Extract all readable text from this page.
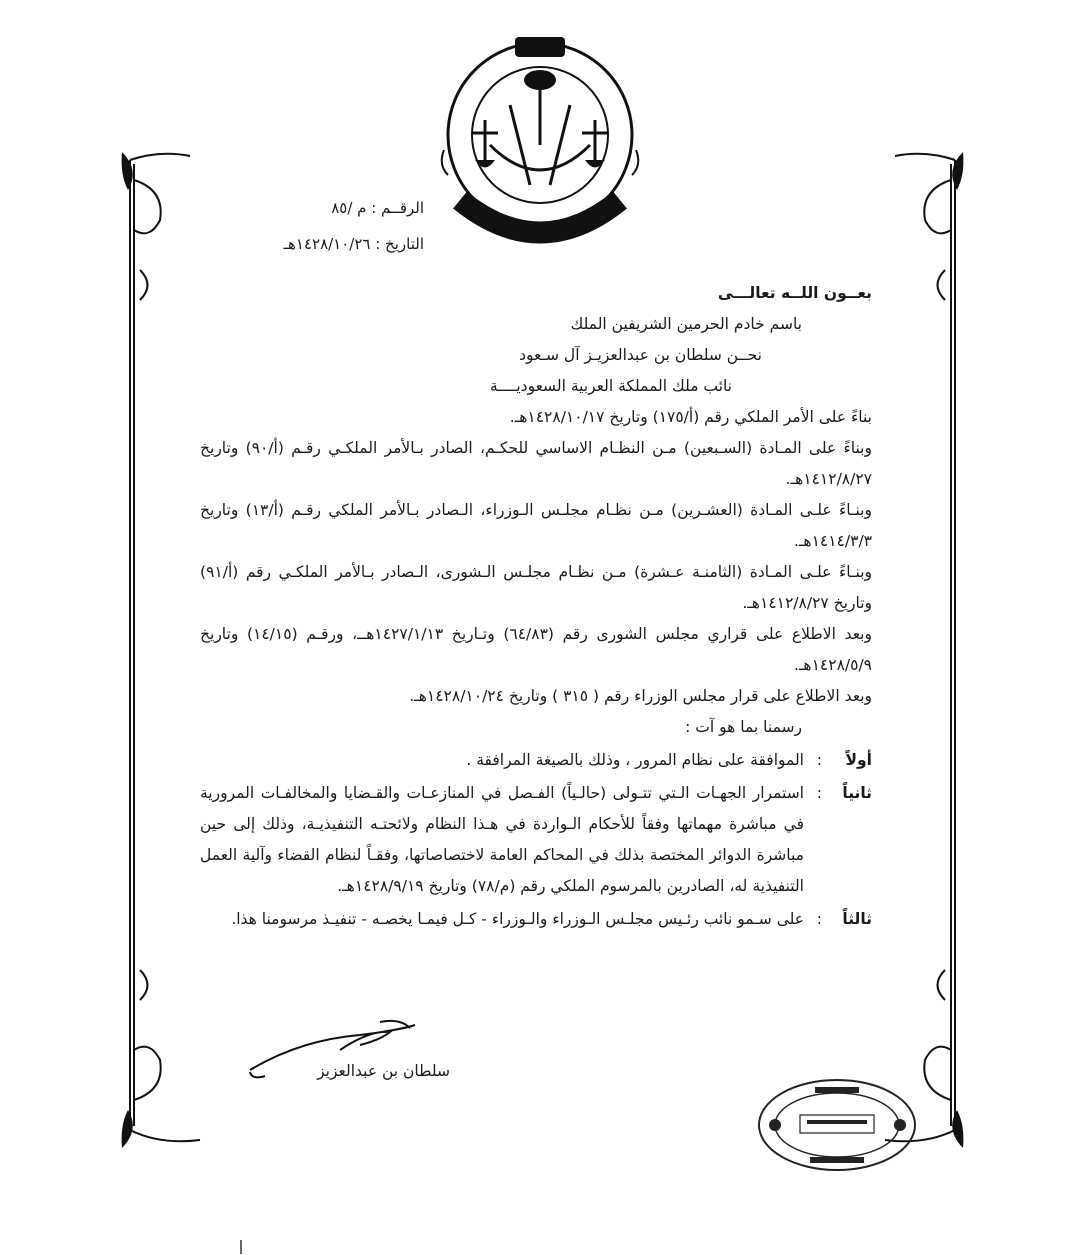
الرقــم : م /٨٥
التاريخ : ١٤٢٨/١٠/٢٦هـ
بعــون اللــه تعالـــى
باسم خادم الحرمين الشريفين الملك
نحــن سلطان بن عبدالعزيـز آل سـعود
نائب ملك المملكة العربية السعوديــــة
بناءً على الأمر الملكي رقم (أ/١٧٥) وتاريخ ١٤٢٨/١٠/١٧هـ.
وبناءً على المـادة (السـبعين) مـن النظـام الاساسي للحكـم، الصادر بـالأمر الملكـي رقـم (أ/٩٠) وتاريخ ١٤١٢/٨/٢٧هـ.
وبنـاءً علـى المـادة (العشـرين) مـن نظـام مجلـس الـوزراء، الـصادر بـالأمر الملكي رقـم (أ/١٣) وتاريخ ١٤١٤/٣/٣هـ.
وبنـاءً علـى المـادة (الثامنـة عـشرة) مـن نظـام مجلـس الـشورى، الـصادر بـالأمر الملكـي رقم (أ/٩١) وتاريخ ١٤١٢/٨/٢٧هـ.
وبعد الاطلاع على قراري مجلس الشورى رقم (٦٤/٨٣) وتـاريخ ١٤٢٧/١/١٣هــ، ورقـم (١٤/١٥) وتاريخ ١٤٢٨/٥/٩هـ.
وبعد الاطلاع على قرار مجلس الوزراء رقم ( ٣١٥ ) وتاريخ ١٤٢٨/١٠/٢٤هـ.
رسمنا بما هو آت :
أولاً
:
الموافقة على نظام المرور ، وذلك بالصيغة المرافقة .
ثانياً
:
استمرار الجهـات الـتي تتـولى (حالـياً) الفـصل في المنازعـات والقـضايا والمخالفـات المرورية في مباشرة مهماتها وفقاً للأحكام الـواردة في هـذا النظام ولائحتـه التنفيذيـة، وذلك إلى حين مباشرة الدوائر المختصة بذلك في المحاكم العامة لاختصاصاتها، وفقـاً لنظام القضاء وآلية العمل التنفيذية له، الصادرين بالمرسوم الملكي رقم (م/٧٨) وتاريخ ١٤٢٨/٩/١٩هـ.
ثالثاً
:
على سـمو نائب رئـيس مجلـس الـوزراء والـوزراء - كـل فيمـا يخصـه - تنفيـذ مرسومنا هذا.
سلطان بن عبدالعزيز
